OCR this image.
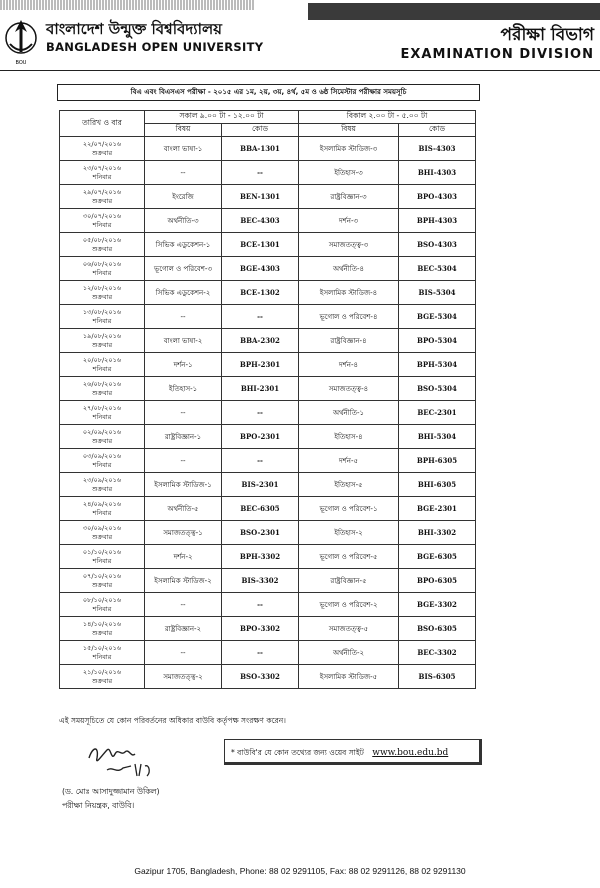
BOU
বাংলাদেশ উন্মুক্ত বিশ্ববিদ্যালয়
BANGLADESH OPEN UNIVERSITY
পরীক্ষা বিভাগ
EXAMINATION DIVISION
বিএ এবং বিএসএস পরীক্ষা - ২০১৫ এর ১ম, ২য়, ৩য়, ৪র্থ, ৫ম ও ৬ষ্ঠ সিমেস্টার পরীক্ষার সময়সূচি
তারিখ ও বার	সকাল ৯.০০ টা - ১২.০০ টা		বিকাল ২.০০ টা - ৫.০০ টা	
	বিষয়	কোড	বিষয়	কোড

২২/০৭/২০১৬
শুক্রবার	বাংলা ভাষা-১	BBA-1301	ইসলামিক স্টাডিজ-৩	BIS-4303

২৩/০৭/২০১৬
শনিবার	--	--	ইতিহাস-৩	BHI-4303

২৯/০৭/২০১৬
শুক্রবার	ইংরেজি	BEN-1301	রাষ্ট্রবিজ্ঞান-৩	BPO-4303

৩০/০৭/২০১৬
শনিবার	অর্থনীতি-৩	BEC-4303	দর্শন-৩	BPH-4303

০৫/০৮/২০১৬
শুক্রবার	সিভিক এডুকেশন-১	BCE-1301	সমাজতত্ত্ব-৩	BSO-4303

০৬/০৮/২০১৬
শনিবার	ভূগোল ও পরিবেশ-৩	BGE-4303	অর্থনীতি-৪	BEC-5304

১২/০৮/২০১৬
শুক্রবার	সিভিক এডুকেশন-২	BCE-1302	ইসলামিক স্টাডিজ-৪	BIS-5304

১৩/০৮/২০১৬
শনিবার	--	--	ভূগোল ও পরিবেশ-৪	BGE-5304

১৯/০৮/২০১৬
শুক্রবার	বাংলা ভাষা-২	BBA-2302	রাষ্ট্রবিজ্ঞান-৪	BPO-5304

২০/০৮/২০১৬
শনিবার	দর্শন-১	BPH-2301	দর্শন-৪	BPH-5304

২৬/০৮/২০১৬
শুক্রবার	ইতিহাস-১	BHI-2301	সমাজতত্ত্ব-৪	BSO-5304

২৭/০৮/২০১৬
শনিবার	--	--	অর্থনীতি-১	BEC-2301

০২/০৯/২০১৬
শুক্রবার	রাষ্ট্রবিজ্ঞান-১	BPO-2301	ইতিহাস-৪	BHI-5304

০৩/০৯/২০১৬
শনিবার	--	--	দর্শন-৫	BPH-6305

২৩/০৯/২০১৬
শুক্রবার	ইসলামিক স্টাডিজ-১	BIS-2301	ইতিহাস-৫	BHI-6305

২৪/০৯/২০১৬
শনিবার	অর্থনীতি-৫	BEC-6305	ভূগোল ও পরিবেশ-১	BGE-2301

৩০/০৯/২০১৬
শুক্রবার	সমাজতত্ত্ব-১	BSO-2301	ইতিহাস-২	BHI-3302

০১/১০/২০১৬
শনিবার	দর্শন-২	BPH-3302	ভূগোল ও পরিবেশ-৫	BGE-6305

০৭/১০/২০১৬
শুক্রবার	ইসলামিক স্টাডিজ-২	BIS-3302	রাষ্ট্রবিজ্ঞান-৫	BPO-6305

০৮/১০/২০১৬
শনিবার	--	--	ভূগোল ও পরিবেশ-২	BGE-3302

১৪/১০/২০১৬
শুক্রবার	রাষ্ট্রবিজ্ঞান-২	BPO-3302	সমাজতত্ত্ব-৫	BSO-6305

১৫/১০/২০১৬
শনিবার	--	--	অর্থনীতি-২	BEC-3302

২১/১০/২০১৬
শুক্রবার	সমাজতত্ত্ব-২	BSO-3302	ইসলামিক স্টাডিজ-৫	BIS-6305
এই সময়সূচিতে যে কোন পরিবর্তনের অধিকার বাউবি কর্তৃপক্ষ সংরক্ষণ করেন।
(ড. মোঃ আসাদুজ্জামান উকিল)
পরীক্ষা নিয়ন্ত্রক, বাউবি।
* বাউবি'র যে কোন তথ্যের জন্য ওয়েব সাইট www.bou.edu.bd
Gazipur 1705, Bangladesh, Phone: 88 02 9291105, Fax: 88 02 9291126, 88 02 9291130
